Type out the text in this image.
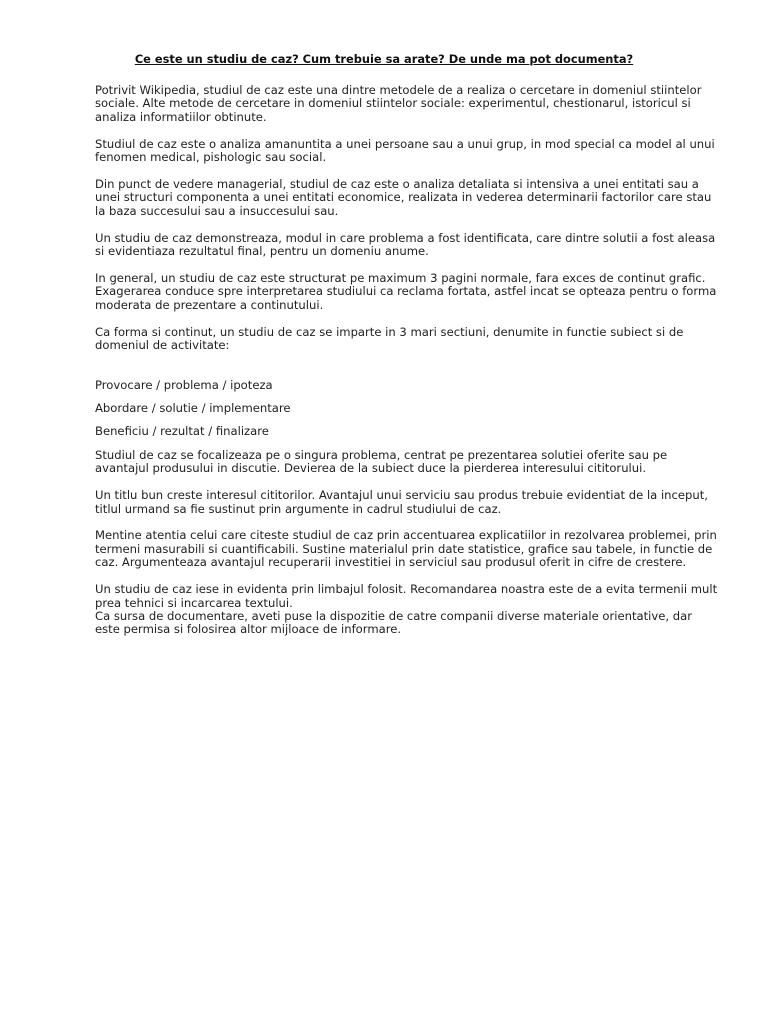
Ce este un studiu de caz? Cum trebuie sa arate? De unde ma pot documenta?

Potrivit Wikipedia, studiul de caz este una dintre metodele de a realiza o cercetare in domeniul stiintelor sociale. Alte metode de cercetare in domeniul stiintelor sociale: experimentul, chestionarul, istoricul si analiza informatiilor obtinute.

Studiul de caz este o analiza amanuntita a unei persoane sau a unui grup, in mod special ca model al unui fenomen medical, pishologic sau social.

Din punct de vedere managerial, studiul de caz este o analiza detaliata si intensiva a unei entitati sau a unei structuri componenta a unei entitati economice, realizata in vederea determinarii factorilor care stau la baza succesului sau a insuccesului sau.

Un studiu de caz demonstreaza, modul in care problema a fost identificata, care dintre solutii a fost aleasa si evidentiaza rezultatul final, pentru un domeniu anume.

In general, un studiu de caz este structurat pe maximum 3 pagini normale, fara exces de continut grafic. Exagerarea conduce spre interpretarea studiului ca reclama fortata, astfel incat se opteaza pentru o forma moderata de prezentare a continutului.

Ca forma si continut, un studiu de caz se imparte in 3 mari sectiuni, denumite in functie subiect si de domeniul de activitate:

Provocare / problema / ipoteza

Abordare / solutie / implementare

Beneficiu / rezultat / finalizare

Studiul de caz se focalizeaza pe o singura problema, centrat pe prezentarea solutiei oferite sau pe avantajul produsului in discutie. Devierea de la subiect duce la pierderea interesului cititorului.

Un titlu bun creste interesul cititorilor. Avantajul unui serviciu sau produs trebuie evidentiat de la inceput, titlul urmand sa fie sustinut prin argumente in cadrul studiului de caz.

Mentine atentia celui care citeste studiul de caz prin accentuarea explicatiilor in rezolvarea problemei, prin termeni masurabili si cuantificabili. Sustine materialul prin date statistice, grafice sau tabele, in functie de caz. Argumenteaza avantajul recuperarii investitiei in serviciul sau produsul oferit in cifre de crestere.

Un studiu de caz iese in evidenta prin limbajul folosit. Recomandarea noastra este de a evita termenii mult prea tehnici si incarcarea textului.

Ca sursa de documentare, aveti puse la dispozitie de catre companii diverse materiale orientative, dar este permisa si folosirea altor mijloace de informare.
